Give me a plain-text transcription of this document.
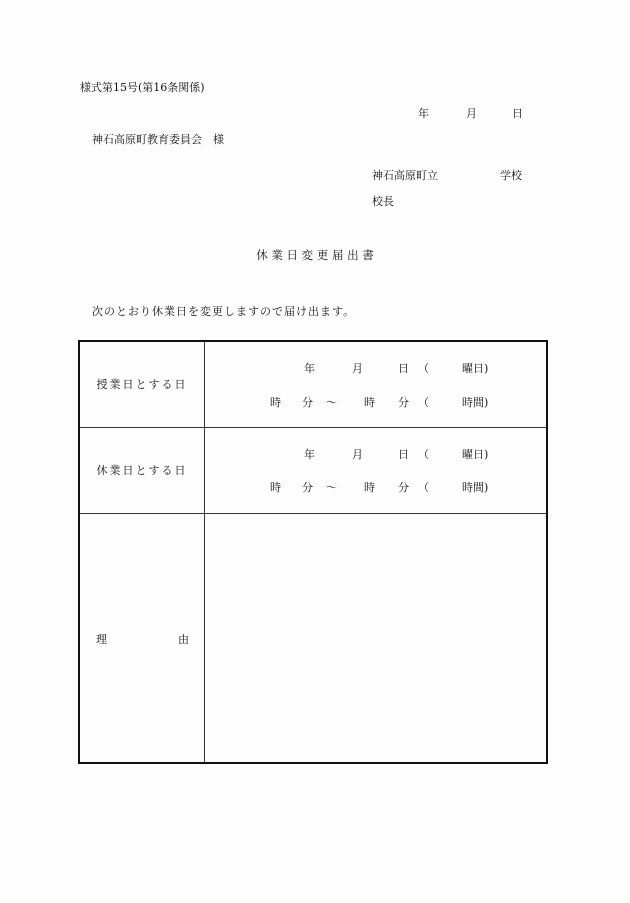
様式第15号(第16条関係)
年	月	日
神石高原町教育委員会　様
神石高原町立	学校
校長
休 業 日 変 更 届 出 書
次のとおり休業日を変更しますので届け出ます。
授業日とする日
年	月	日 （	曜日)
時 分 ～ 時 分 （	時間)
休業日とする日
年	月	日 （	曜日)
時 分 ～ 時 分 （	時間)
理	由
